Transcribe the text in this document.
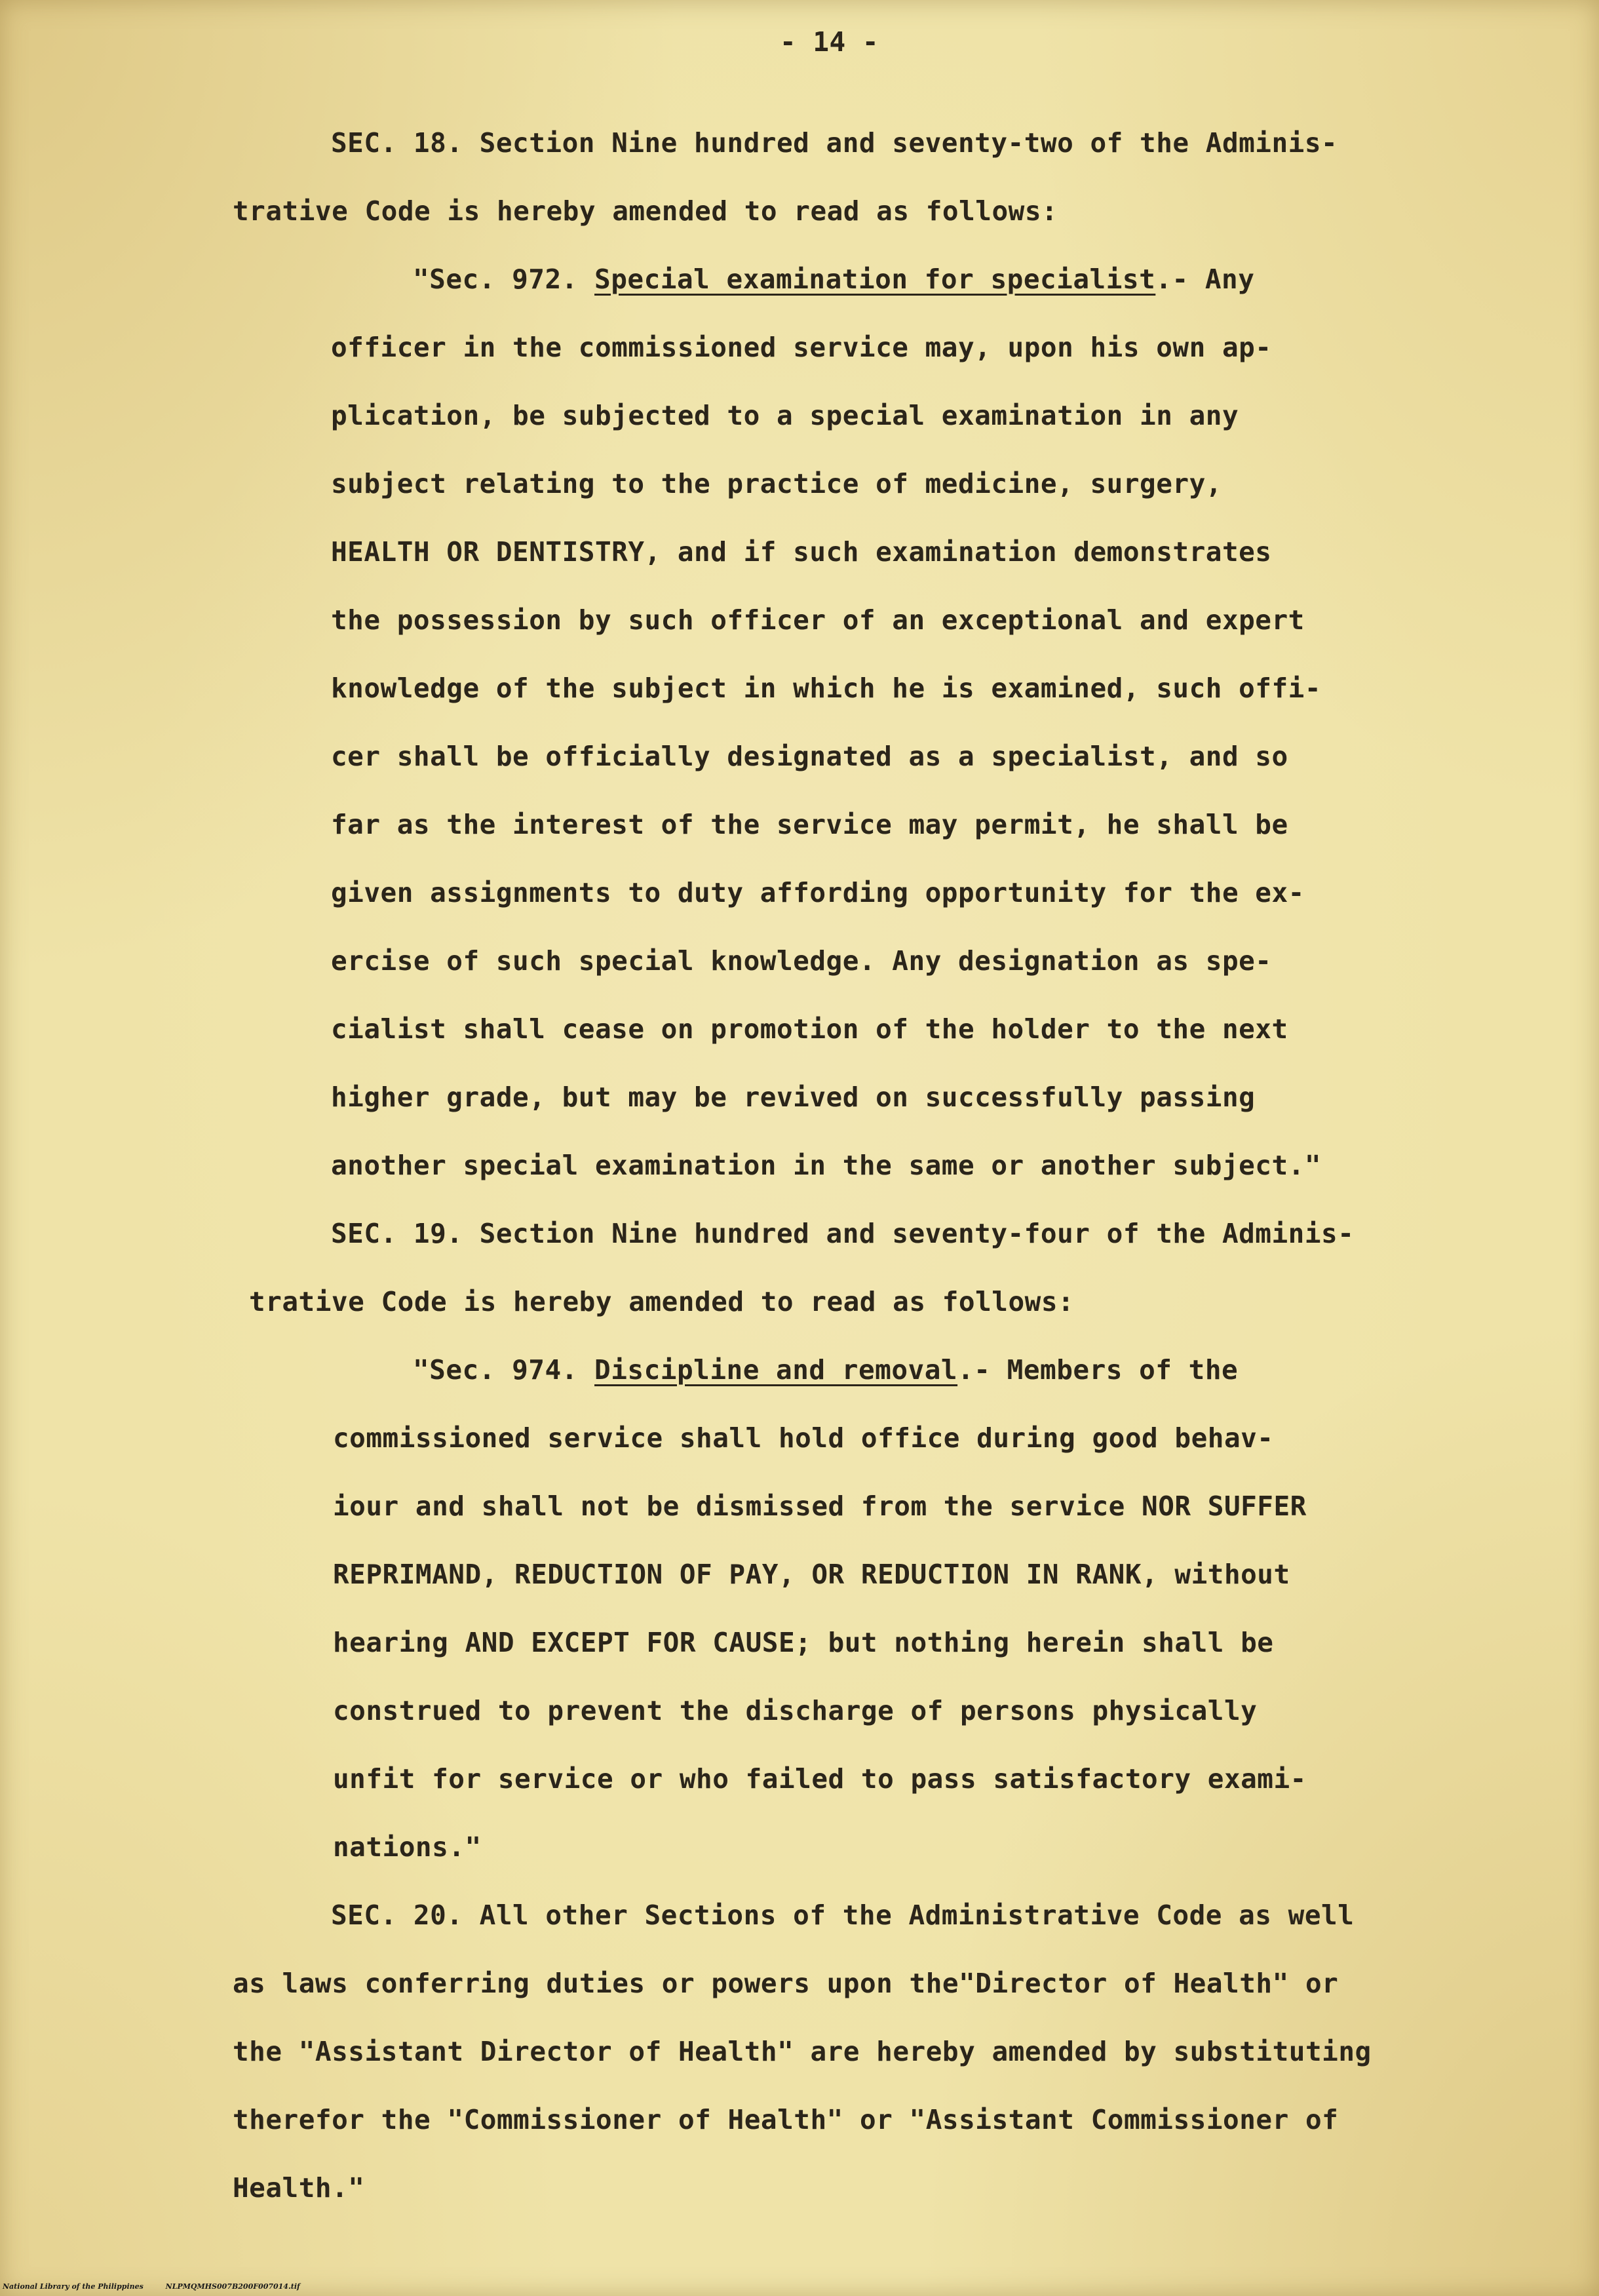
- 14 -
SEC. 18. Section Nine hundred and seventy-two of the Adminis-
trative Code is hereby amended to read as follows:
"Sec. 972. Special examination for specialist.- Any
officer in the commissioned service may, upon his own ap-
plication, be subjected to a special examination in any
subject relating to the practice of medicine, surgery,
HEALTH OR DENTISTRY, and if such examination demonstrates
the possession by such officer of an exceptional and expert
knowledge of the subject in which he is examined, such offi-
cer shall be officially designated as a specialist, and so
far as the interest of the service may permit, he shall be
given assignments to duty affording opportunity for the ex-
ercise of such special knowledge. Any designation as spe-
cialist shall cease on promotion of the holder to the next
higher grade, but may be revived on successfully passing
another special examination in the same or another subject."
SEC. 19. Section Nine hundred and seventy-four of the Adminis-
trative Code is hereby amended to read as follows:
"Sec. 974. Discipline and removal.- Members of the
commissioned service shall hold office during good behav-
iour and shall not be dismissed from the service NOR SUFFER
REPRIMAND, REDUCTION OF PAY, OR REDUCTION IN RANK, without
hearing AND EXCEPT FOR CAUSE; but nothing herein shall be
construed to prevent the discharge of persons physically
unfit for service or who failed to pass satisfactory exami-
nations."
SEC. 20. All other Sections of the Administrative Code as well
as laws conferring duties or powers upon the"Director of Health" or
the "Assistant Director of Health" are hereby amended by substituting
therefor the "Commissioner of Health" or "Assistant Commissioner of
Health."
National Library of the Philippines	NLPMQMHS007B200F007014.tif
